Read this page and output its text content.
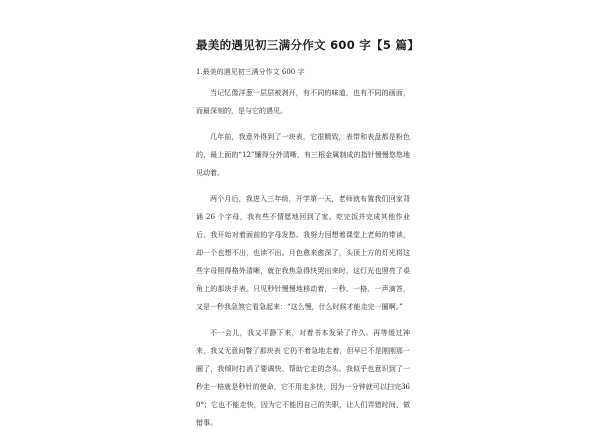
最美的遇见初三满分作文 600 字【5 篇】

1.最美的遇见初三满分作文 600 字

当记忆像洋葱一层层被剥开，有不同的味道，也有不同的画面，而最深刻的，是与它的遇见。

几年前，我意外得到了一块表，它很精致，表带和表盘都是粉色的，最上面的“12”镶得分外清晰，有三根金属制成的指针慢慢悠悠地见动着。

两个月后，我进入三年级，开学第一天，老师就布置我们回家背诵 26 个字母，我有些不情愿地回到了家。吃完饭并完成其他作业后，我开始对着面前的字母发愁。我努力回想着课堂上老师的带读，却一个也想不出，也读不出。月色愈来愈深了，头顶上方的灯光将这些字母照得格外清晰，就在我焦急得快哭出来时，这灯光也照亮了桌角上的那块手表。只见秒针慢慢地移动着，一秒、一格、一声滴答，又是一秒我急煞它看急起来：“这么慢，什么时候才能走完一圈啊。”

不一会儿，我又平静下来，对着书本发呆了许久。再等缓过神来，我又无意间瞥了那块表 它仍不着急地走着，但早已不是刚刚那一圈了，我倾时打消了要调快、帮助它走的念头。我似乎也意识到了一秒走一格就是秒针的使命，它不用走多快，因为一分钟就可以扫完360°；它也不能走快，因为它不能因自己的失职，让人们弄错时间、做错事。
